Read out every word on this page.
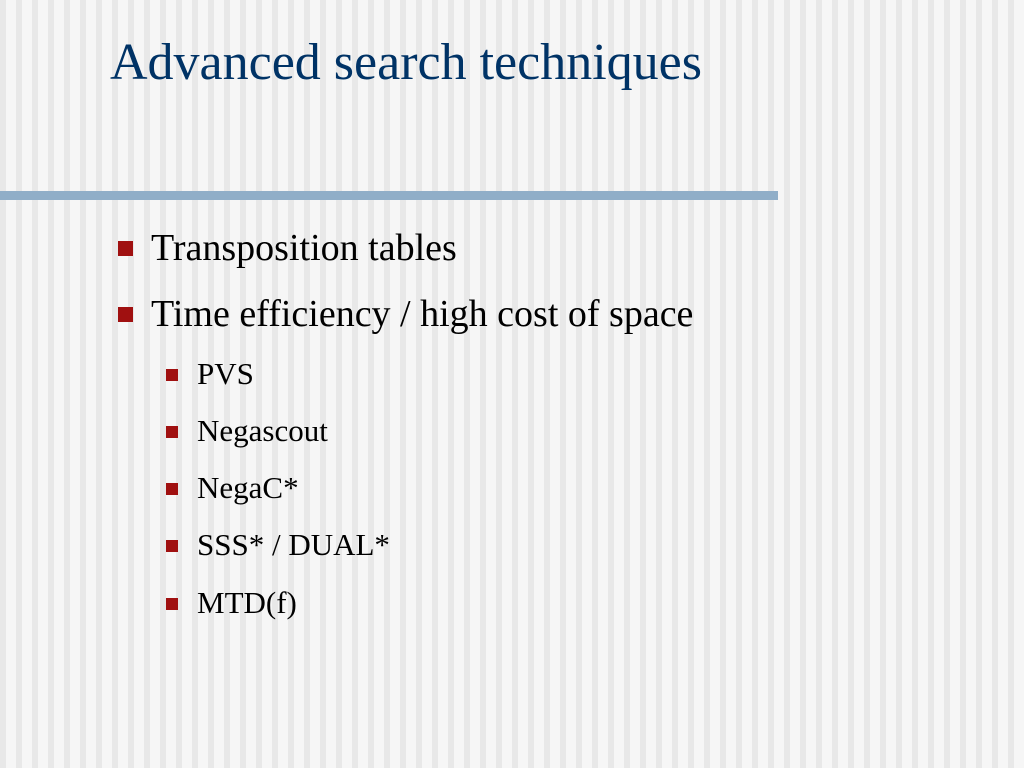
Advanced search techniques
Transposition tables
Time efficiency / high cost of space
PVS
Negascout
NegaC*
SSS* / DUAL*
MTD(f)
